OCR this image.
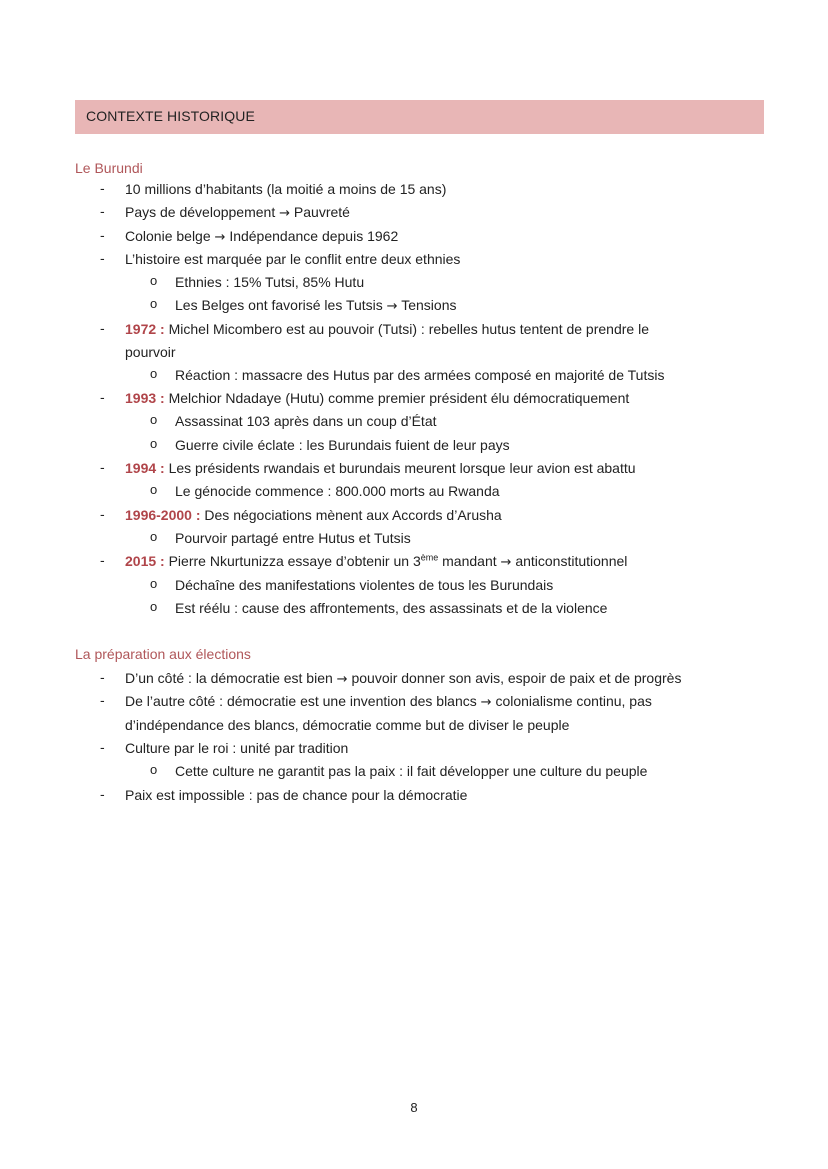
CONTEXTE HISTORIQUE
Le Burundi
- 10 millions d’habitants (la moitié a moins de 15 ans)
- Pays de développement → Pauvreté
- Colonie belge → Indépendance depuis 1962
- L’histoire est marquée par le conflit entre deux ethnies
o Ethnies : 15% Tutsi, 85% Hutu
o Les Belges ont favorisé les Tutsis → Tensions
- 1972 : Michel Micombero est au pouvoir (Tutsi) : rebelles hutus tentent de prendre le
pourvoir
o Réaction : massacre des Hutus par des armées composé en majorité de Tutsis
- 1993 : Melchior Ndadaye (Hutu) comme premier président élu démocratiquement
o Assassinat 103 après dans un coup d’État
o Guerre civile éclate : les Burundais fuient de leur pays
- 1994 : Les présidents rwandais et burundais meurent lorsque leur avion est abattu
o Le génocide commence : 800.000 morts au Rwanda
- 1996-2000 : Des négociations mènent aux Accords d’Arusha
o Pourvoir partagé entre Hutus et Tutsis
- 2015 : Pierre Nkurtunizza essaye d’obtenir un 3ème mandant → anticonstitutionnel
o Déchaîne des manifestations violentes de tous les Burundais
o Est réélu : cause des affrontements, des assassinats et de la violence
La préparation aux élections
- D’un côté : la démocratie est bien → pouvoir donner son avis, espoir de paix et de progrès
- De l’autre côté : démocratie est une invention des blancs → colonialisme continu, pas
d’indépendance des blancs, démocratie comme but de diviser le peuple
- Culture par le roi : unité par tradition
o Cette culture ne garantit pas la paix : il fait développer une culture du peuple
- Paix est impossible : pas de chance pour la démocratie
8
